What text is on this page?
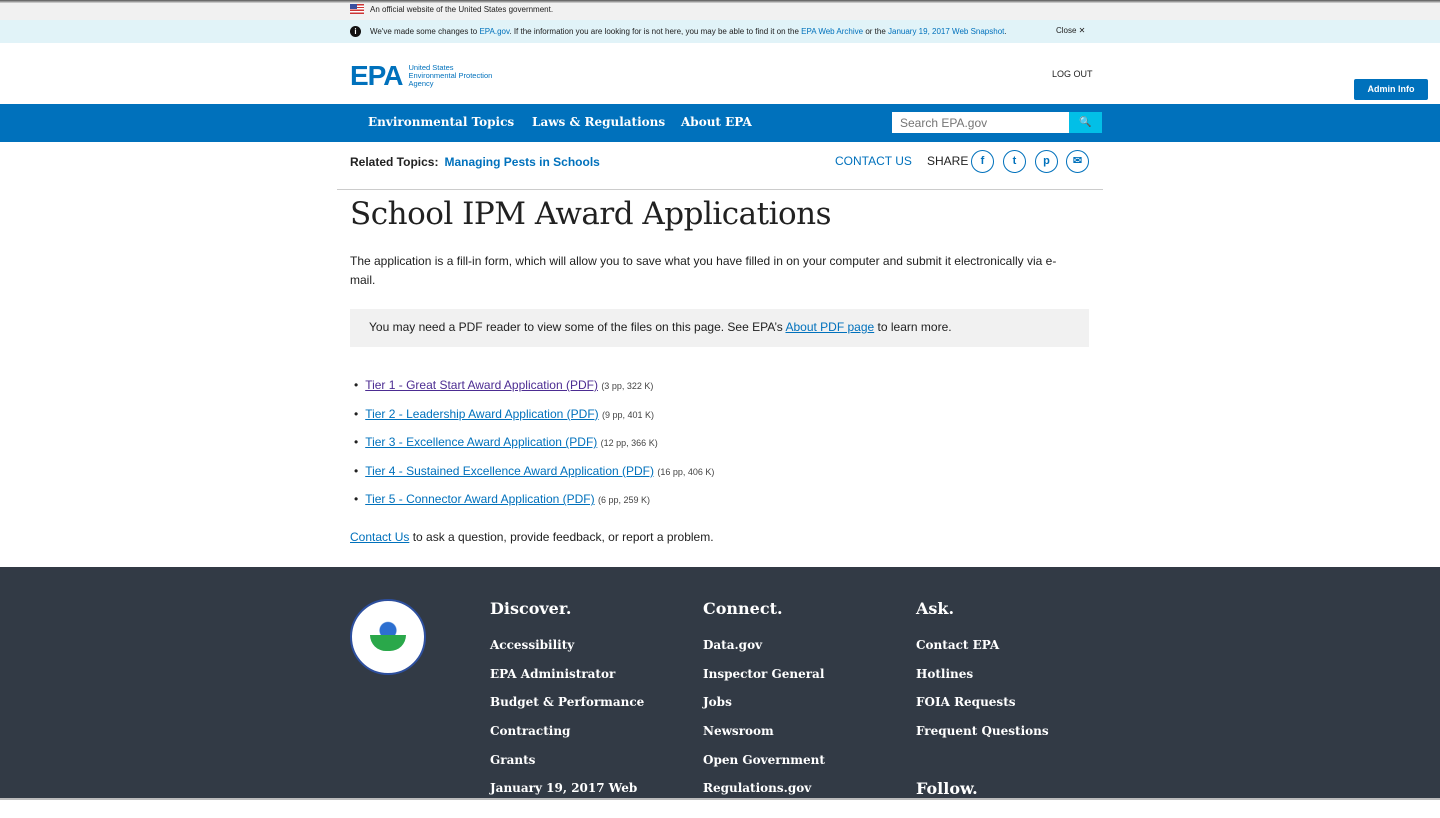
An official website of the United States government.
i	We've made some changes to EPA.gov. If the information you are looking for is not here, you may be able to find it on the EPA Web Archive or the January 19, 2017 Web Snapshot.	Close ✕
EPA United States
Environmental Protection
Agency
LOG OUT
Admin Info
Environmental Topics Laws & Regulations About EPA
Search EPA.gov	🔍
Related Topics: Managing Pests in Schools	CONTACT US SHARE	f	t	p	✉
School IPM Award Applications

The application is a fill-in form, which will allow you to save what you have filled in on your computer and submit it electronically via e-mail.

You may need a PDF reader to view some of the files on this page. See EPA’s About PDF page to learn more.
• Tier 1 - Great Start Award Application (PDF) (3 pp, 322 K)
• Tier 2 - Leadership Award Application (PDF) (9 pp, 401 K)
• Tier 3 - Excellence Award Application (PDF) (12 pp, 366 K)
• Tier 4 - Sustained Excellence Award Application (PDF) (16 pp, 406 K)
• Tier 5 - Connector Award Application (PDF) (6 pp, 259 K)

Contact Us to ask a question, provide feedback, or report a problem.

Discover.
Accessibility
EPA Administrator
Budget & Performance
Contracting
Grants
January 19, 2017 Web
Connect.
Data.gov
Inspector General
Jobs
Newsroom
Open Government
Regulations.gov
Ask.
Contact EPA
Hotlines
FOIA Requests
Frequent Questions
Follow.
